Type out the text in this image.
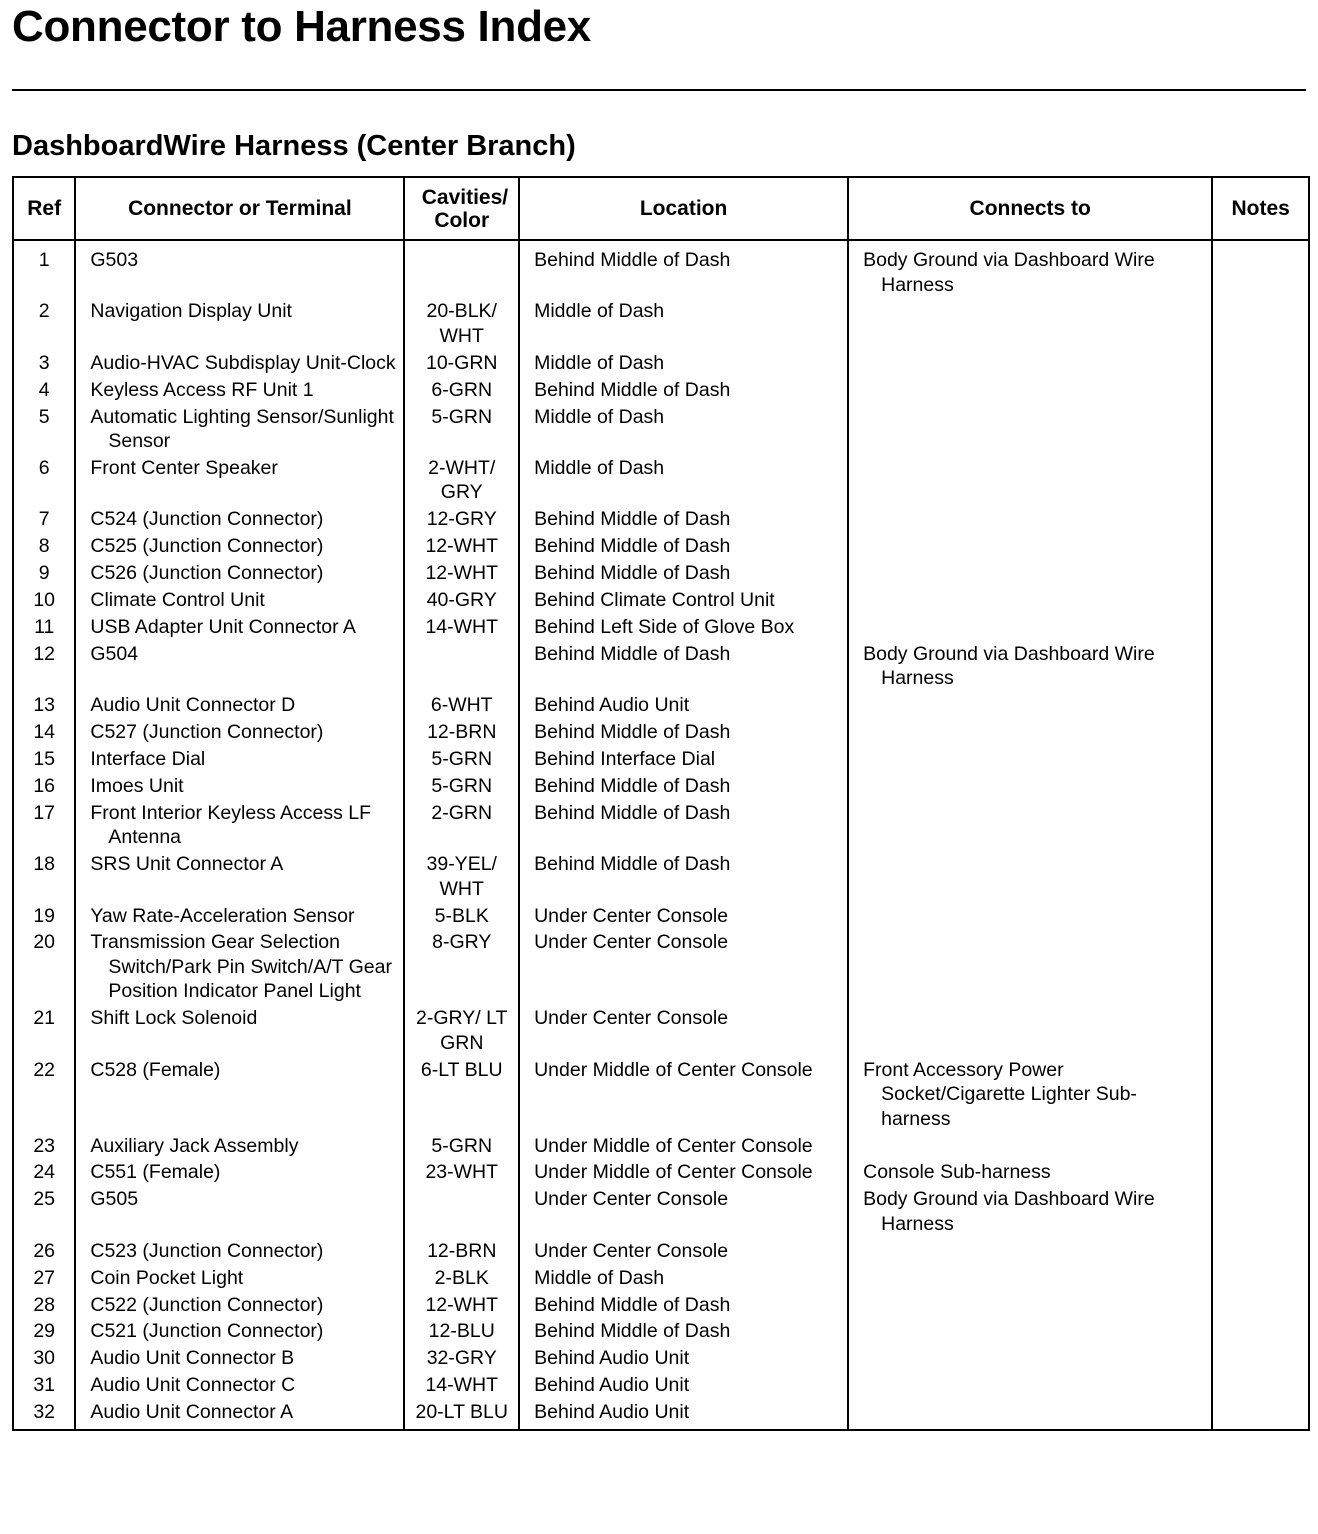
Connector to Harness Index
DashboardWire Harness (Center Branch)
Ref	Connector or Terminal	Cavities/ Color	Location	Connects to	Notes
1	G503		Behind Middle of Dash	Body Ground via Dashboard Wire Harness	

2	Navigation Display Unit	20-BLK/ WHT	Middle of Dash	

3	Audio-HVAC Subdisplay Unit-Clock	10-GRN	Middle of Dash	

4	Keyless Access RF Unit 1	6-GRN	Behind Middle of Dash	

5	Automatic Lighting Sensor/Sunlight Sensor	5-GRN	Middle of Dash	

6	Front Center Speaker	2-WHT/ GRY	Middle of Dash	

7	C524 (Junction Connector)	12-GRY	Behind Middle of Dash	

8	C525 (Junction Connector)	12-WHT	Behind Middle of Dash	

9	C526 (Junction Connector)	12-WHT	Behind Middle of Dash	

10	Climate Control Unit	40-GRY	Behind Climate Control Unit	

11	USB Adapter Unit Connector A	14-WHT	Behind Left Side of Glove Box	

12	G504		Behind Middle of Dash	Body Ground via Dashboard Wire Harness	

13	Audio Unit Connector D	6-WHT	Behind Audio Unit	

14	C527 (Junction Connector)	12-BRN	Behind Middle of Dash	

15	Interface Dial	5-GRN	Behind Interface Dial	

16	Imoes Unit	5-GRN	Behind Middle of Dash	

17	Front Interior Keyless Access LF Antenna	2-GRN	Behind Middle of Dash	

18	SRS Unit Connector A	39-YEL/ WHT	Behind Middle of Dash	

19	Yaw Rate-Acceleration Sensor	5-BLK	Under Center Console	

20	Transmission Gear Selection Switch/Park Pin Switch/A/T Gear Position Indicator Panel Light	8-GRY	Under Center Console	

21	Shift Lock Solenoid	2-GRY/ LT GRN	Under Center Console	

22	C528 (Female)	6-LT BLU	Under Middle of Center Console	Front Accessory Power Socket/Cigarette Lighter Sub-harness	

23	Auxiliary Jack Assembly	5-GRN	Under Middle of Center Console	

24	C551 (Female)	23-WHT	Under Middle of Center Console	Console Sub-harness	

25	G505		Under Center Console	Body Ground via Dashboard Wire Harness	

26	C523 (Junction Connector)	12-BRN	Under Center Console	

27	Coin Pocket Light	2-BLK	Middle of Dash	

28	C522 (Junction Connector)	12-WHT	Behind Middle of Dash	

29	C521 (Junction Connector)	12-BLU	Behind Middle of Dash	

30	Audio Unit Connector B	32-GRY	Behind Audio Unit	

31	Audio Unit Connector C	14-WHT	Behind Audio Unit	

32	Audio Unit Connector A	20-LT BLU	Behind Audio Unit	
